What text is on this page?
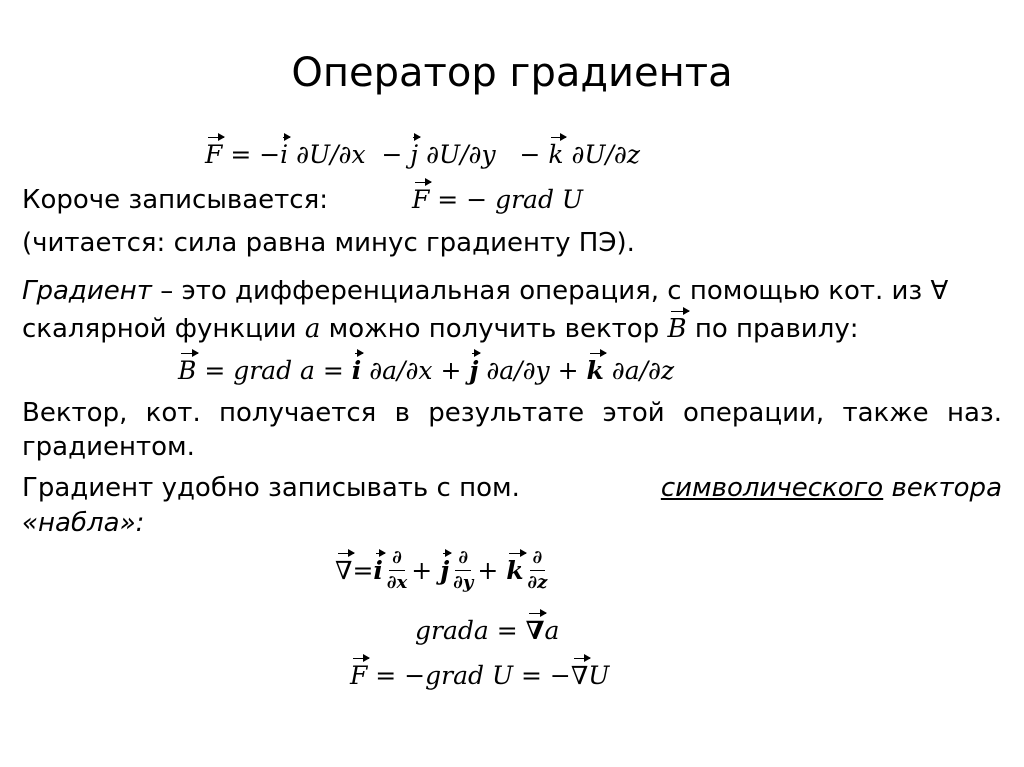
Оператор градиента
F = −i ∂U/∂x − j ∂U/∂y − k ∂U/∂z
Короче записывается:	F = − grad U
(читается: сила равна минус градиенту ПЭ).
Градиент – это дифференциальная операция, с помощью кот. из ∀
скалярной функции a можно получить вектор B по правилу:
B = grad a = i ∂a/∂x + j ∂a/∂y + k ∂a/∂z
Вектор, кот. получается в результате этой операции, также наз.
градиентом.
Градиент удобно записывать с пом.	символического вектора
«набла»:
∇ = i $\frac{\partial}{\partial x}$ +
j $\frac{\partial}{\partial y}$ +
k $\frac{\partial}{\partial z}$
grada = ∇a
F = −grad U = −∇U
